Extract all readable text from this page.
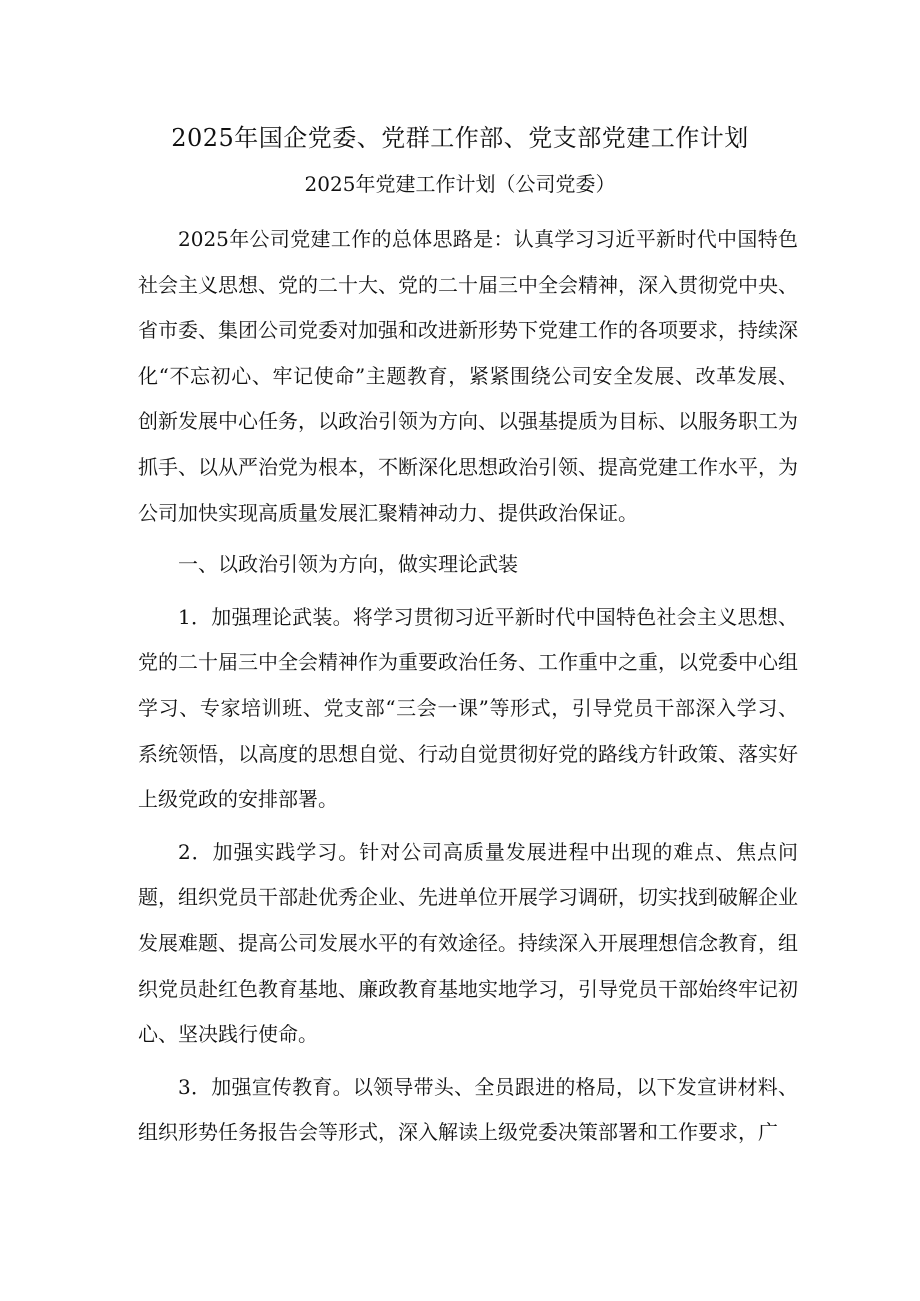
2025年国企党委、党群工作部、党支部党建工作计划
2025年党建工作计划（公司党委）

2025年公司党建工作的总体思路是：认真学习习近平新时代中国特色社会主义思想、党的二十大、党的二十届三中全会精神，深入贯彻党中央、省市委、集团公司党委对加强和改进新形势下党建工作的各项要求，持续深化“不忘初心、牢记使命”主题教育，紧紧围绕公司安全发展、改革发展、创新发展中心任务，以政治引领为方向、以强基提质为目标、以服务职工为抓手、以从严治党为根本，不断深化思想政治引领、提高党建工作水平，为公司加快实现高质量发展汇聚精神动力、提供政治保证。

一、以政治引领为方向，做实理论武装

1．加强理论武装。将学习贯彻习近平新时代中国特色社会主义思想、党的二十届三中全会精神作为重要政治任务、工作重中之重，以党委中心组学习、专家培训班、党支部“三会一课”等形式，引导党员干部深入学习、系统领悟，以高度的思想自觉、行动自觉贯彻好党的路线方针政策、落实好上级党政的安排部署。

2．加强实践学习。针对公司高质量发展进程中出现的难点、焦点问题，组织党员干部赴优秀企业、先进单位开展学习调研，切实找到破解企业发展难题、提高公司发展水平的有效途径。持续深入开展理想信念教育，组织党员赴红色教育基地、廉政教育基地实地学习，引导党员干部始终牢记初心、坚决践行使命。

3．加强宣传教育。以领导带头、全员跟进的格局，以下发宣讲材料、组织形势任务报告会等形式，深入解读上级党委决策部署和工作要求，广
